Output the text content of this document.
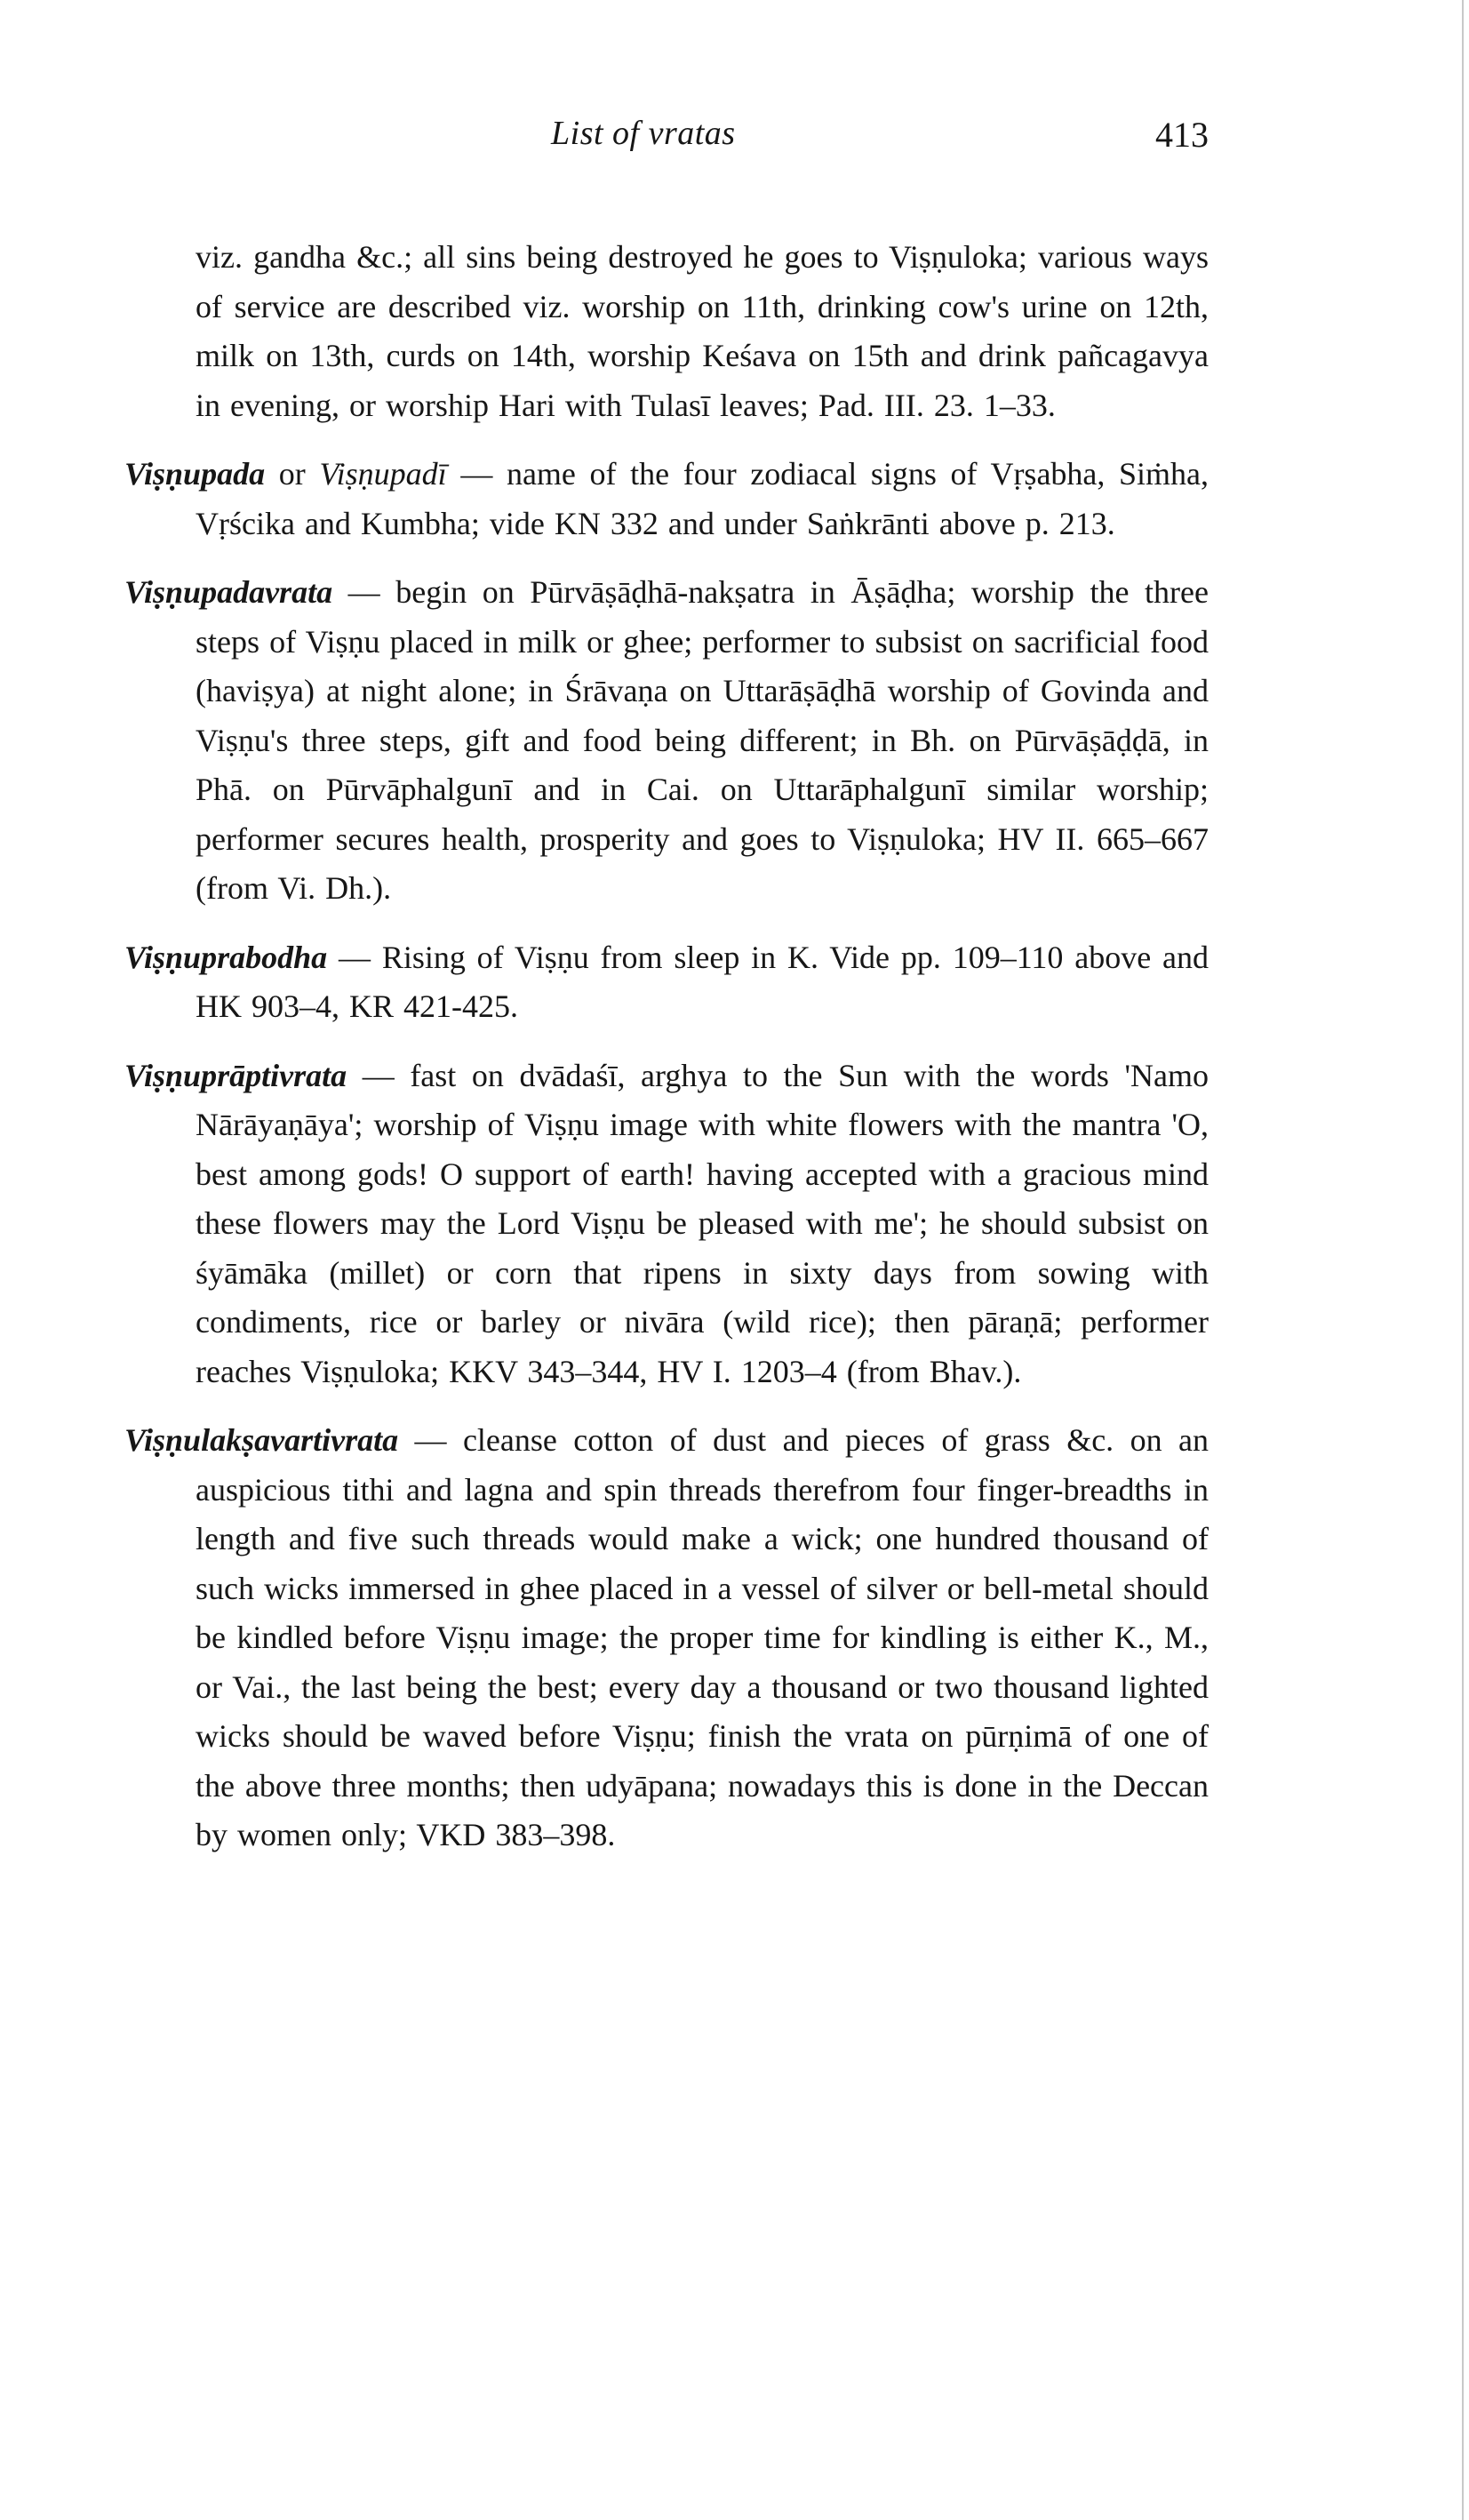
List of vratas	413

viz. gandha &c.; all sins being destroyed he goes to Viṣṇuloka; various ways of service are described viz. worship on 11th, drinking cow's urine on 12th, milk on 13th, curds on 14th, worship Keśava on 15th and drink pañcagavya in evening, or worship Hari with Tulasī leaves; Pad. III. 23. 1–33.

Viṣṇupada or Viṣṇupadī — name of the four zodiacal signs of Vṛṣabha, Siṁha, Vṛścika and Kumbha; vide KN 332 and under Saṅkrānti above p. 213.

Viṣṇupadavrata — begin on Pūrvāṣāḍhā-nakṣatra in Āṣāḍha; worship the three steps of Viṣṇu placed in milk or ghee; performer to subsist on sacrificial food (haviṣya) at night alone; in Śrāvaṇa on Uttarāṣāḍhā worship of Govinda and Viṣṇu's three steps, gift and food being different; in Bh. on Pūrvāṣāḍḍā, in Phā. on Pūrvāphalgunī and in Cai. on Uttarāphalgunī similar worship; performer secures health, prosperity and goes to Viṣṇuloka; HV II. 665–667 (from Vi. Dh.).

Viṣṇuprabodha — Rising of Viṣṇu from sleep in K. Vide pp. 109–110 above and HK 903–4, KR 421-425.

Viṣṇuprāptivrata — fast on dvādaśī, arghya to the Sun with the words 'Namo Nārāyaṇāya'; worship of Viṣṇu image with white flowers with the mantra 'O, best among gods! O support of earth! having accepted with a gracious mind these flowers may the Lord Viṣṇu be pleased with me'; he should subsist on śyāmāka (millet) or corn that ripens in sixty days from sowing with condiments, rice or barley or nivāra (wild rice); then pāraṇā; performer reaches Viṣṇuloka; KKV 343–344, HV I. 1203–4 (from Bhav.).

Viṣṇulakṣavartivrata — cleanse cotton of dust and pieces of grass &c. on an auspicious tithi and lagna and spin threads therefrom four finger-breadths in length and five such threads would make a wick; one hundred thousand of such wicks immersed in ghee placed in a vessel of silver or bell-metal should be kindled before Viṣṇu image; the proper time for kindling is either K., M., or Vai., the last being the best; every day a thousand or two thousand lighted wicks should be waved before Viṣṇu; finish the vrata on pūrṇimā of one of the above three months; then udyāpana; nowadays this is done in the Deccan by women only; VKD 383–398.
